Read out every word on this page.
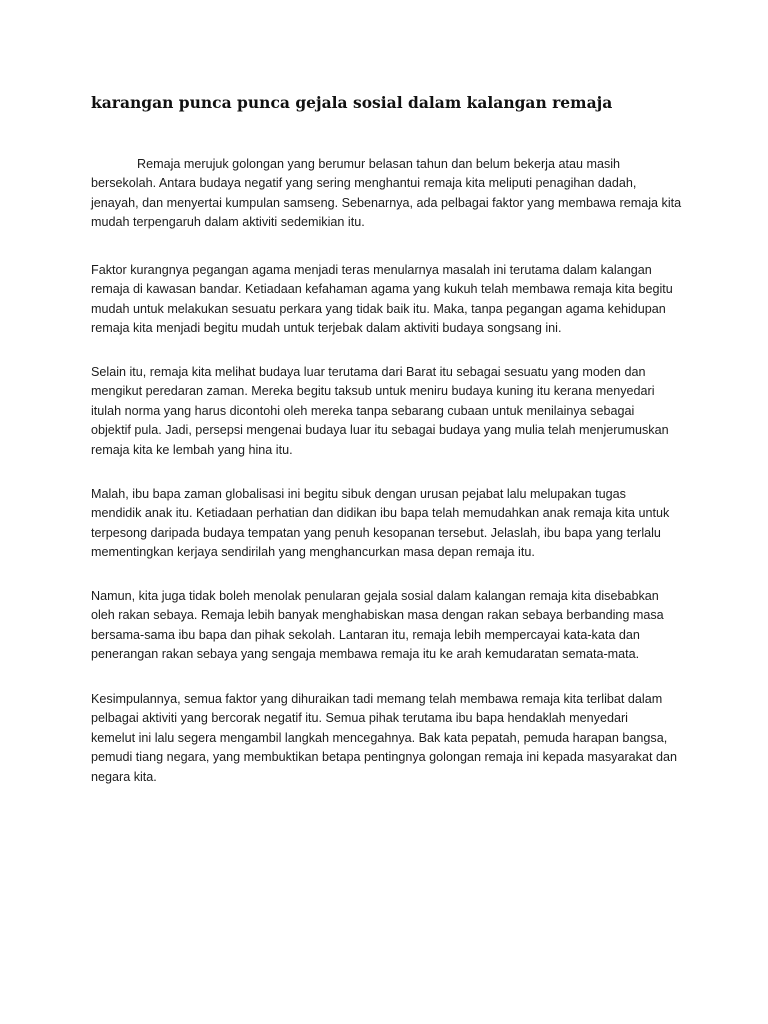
karangan punca punca gejala sosial dalam kalangan remaja

Remaja merujuk golongan yang berumur belasan tahun dan belum bekerja atau masih
bersekolah. Antara budaya negatif yang sering menghantui remaja kita meliputi penagihan dadah,
jenayah, dan menyertai kumpulan samseng. Sebenarnya, ada pelbagai faktor yang membawa remaja kita
mudah terpengaruh dalam aktiviti sedemikian itu.

Faktor kurangnya pegangan agama menjadi teras menularnya masalah ini terutama dalam kalangan
remaja di kawasan bandar. Ketiadaan kefahaman agama yang kukuh telah membawa remaja kita begitu
mudah untuk melakukan sesuatu perkara yang tidak baik itu. Maka, tanpa pegangan agama kehidupan
remaja kita menjadi begitu mudah untuk terjebak dalam aktiviti budaya songsang ini.

Selain itu, remaja kita melihat budaya luar terutama dari Barat itu sebagai sesuatu yang moden dan
mengikut peredaran zaman. Mereka begitu taksub untuk meniru budaya kuning itu kerana menyedari
itulah norma yang harus dicontohi oleh mereka tanpa sebarang cubaan untuk menilainya sebagai
objektif pula. Jadi, persepsi mengenai budaya luar itu sebagai budaya yang mulia telah menjerumuskan
remaja kita ke lembah yang hina itu.

Malah, ibu bapa zaman globalisasi ini begitu sibuk dengan urusan pejabat lalu melupakan tugas
mendidik anak itu. Ketiadaan perhatian dan didikan ibu bapa telah memudahkan anak remaja kita untuk
terpesong daripada budaya tempatan yang penuh kesopanan tersebut. Jelaslah, ibu bapa yang terlalu
mementingkan kerjaya sendirilah yang menghancurkan masa depan remaja itu.

Namun, kita juga tidak boleh menolak penularan gejala sosial dalam kalangan remaja kita disebabkan
oleh rakan sebaya. Remaja lebih banyak menghabiskan masa dengan rakan sebaya berbanding masa
bersama-sama ibu bapa dan pihak sekolah. Lantaran itu, remaja lebih mempercayai kata-kata dan
penerangan rakan sebaya yang sengaja membawa remaja itu ke arah kemudaratan semata-mata.

Kesimpulannya, semua faktor yang dihuraikan tadi memang telah membawa remaja kita terlibat dalam
pelbagai aktiviti yang bercorak negatif itu. Semua pihak terutama ibu bapa hendaklah menyedari
kemelut ini lalu segera mengambil langkah mencegahnya. Bak kata pepatah, pemuda harapan bangsa,
pemudi tiang negara, yang membuktikan betapa pentingnya golongan remaja ini kepada masyarakat dan
negara kita.
